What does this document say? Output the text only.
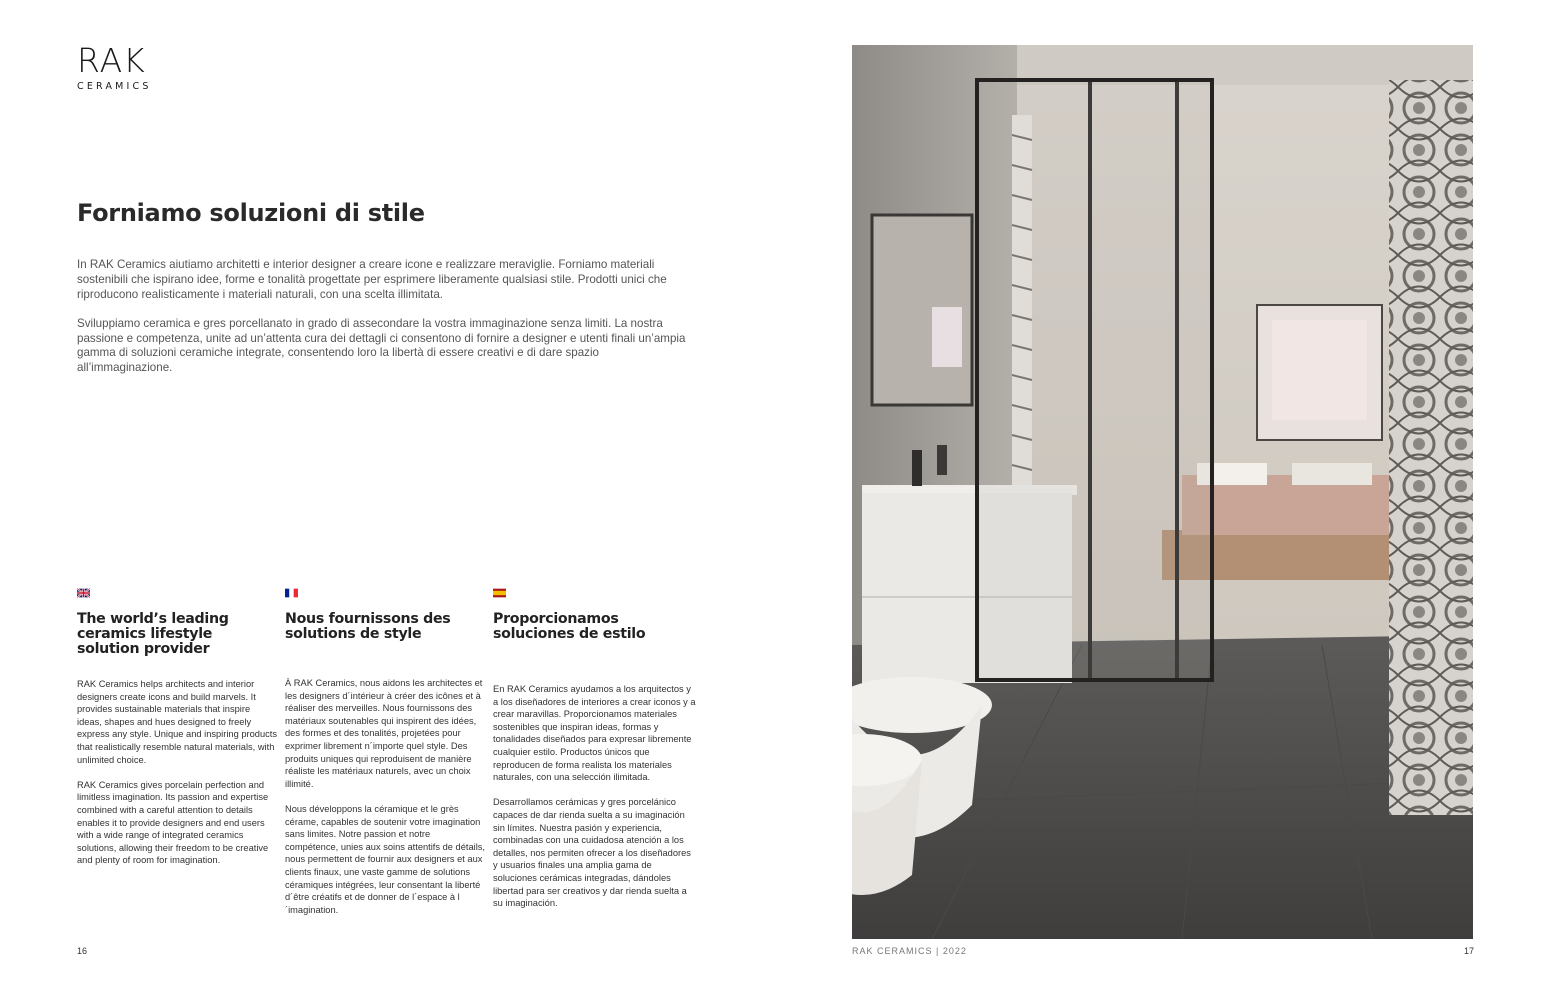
RAK
CERAMICS
Forniamo soluzioni di stile

In RAK Ceramics aiutiamo architetti e interior designer a creare icone e realizzare meraviglie. Forniamo materiali sostenibili che ispirano idee, forme e tonalità progettate per esprimere liberamente qualsiasi stile. Prodotti unici che riproducono realisticamente i materiali naturali, con una scelta illimitata.

Sviluppiamo ceramica e gres porcellanato in grado di assecondare la vostra immaginazione senza limiti. La nostra passione e competenza, unite ad un’attenta cura dei dettagli ci consentono di fornire a designer e utenti finali un’ampia gamma di soluzioni ceramiche integrate, consentendo loro la libertà di essere creativi e di dare spazio all’immaginazione.

The world’s leading ceramics lifestyle solution provider

RAK Ceramics helps architects and interior designers create icons and build marvels. It provides sustainable materials that inspire ideas, shapes and hues designed to freely express any style. Unique and inspiring products that realistically resemble natural materials, with unlimited choice.

RAK Ceramics gives porcelain perfection and limitless imagination. Its passion and expertise combined with a careful attention to details enables it to provide designers and end users with a wide range of integrated ceramics solutions, allowing their freedom to be creative and plenty of room for imagination.

Nous fournissons des solutions de style

À RAK Ceramics, nous aidons les architectes et les designers d´intérieur à créer des icônes et à réaliser des merveilles. Nous fournissons des matériaux soutenables qui inspirent des idées, des formes et des tonalités, projetées pour exprimer librement n´importe quel style. Des produits uniques qui reproduisent de manière réaliste les matériaux naturels, avec un choix illimité.

Nous développons la céramique et le grès cérame, capables de soutenir votre imagination sans limites. Notre passion et notre compétence, unies aux soins attentifs de détails, nous permettent de fournir aux designers et aux clients finaux, une vaste gamme de solutions céramiques intégrées, leur consentant la liberté d´être créatifs et de donner de l´espace à l´imagination.

Proporcionamos soluciones de estilo

En RAK Ceramics ayudamos a los arquitectos y a los diseñadores de interiores a crear iconos y a crear maravillas. Proporcionamos materiales sostenibles que inspiran ideas, formas y tonalidades diseñados para expresar libremente cualquier estilo. Productos únicos que reproducen de forma realista los materiales naturales, con una selección ilimitada.

Desarrollamos cerámicas y gres porcelánico capaces de dar rienda suelta a su imaginación sin límites. Nuestra pasión y experiencia, combinadas con una cuidadosa atención a los detalles, nos permiten ofrecer a los diseñadores y usuarios finales una amplia gama de soluciones cerámicas integradas, dándoles libertad para ser creativos y dar rienda suelta a su imaginación.

16	RAK CERAMICS | 2022	17
